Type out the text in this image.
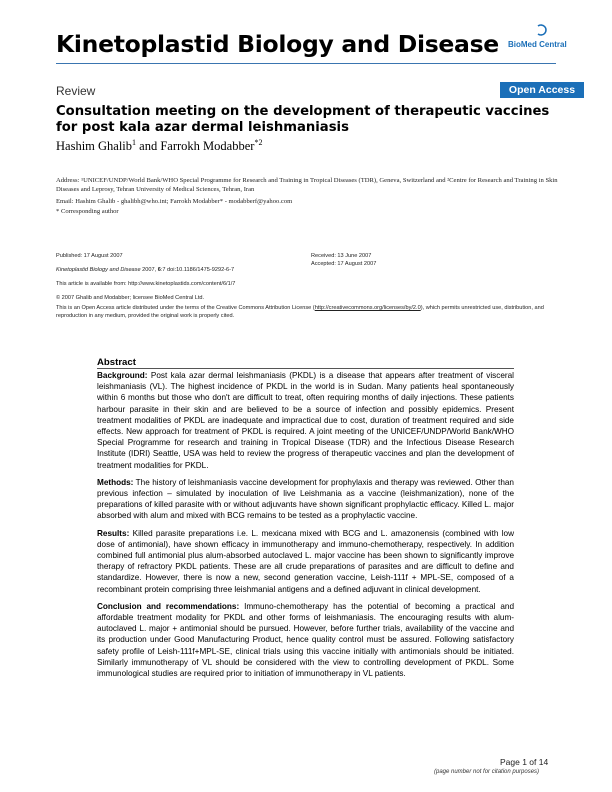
Kinetoplastid Biology and Disease BioMed Central
Review	Open Access
Consultation meeting on the development of therapeutic vaccines for post kala azar dermal leishmaniasis
Hashim Ghalib$^1$ and Farrokh Modabber$^{*2}$
Address: ¹UNICEF/UNDP/World Bank/WHO Special Programme for Research and Training in Tropical Diseases (TDR), Geneva, Switzerland and ²Centre for Research and Training in Skin Diseases and Leprosy, Tehran University of Medical Sciences, Tehran, Iran
Email: Hashim Ghalib - ghalibh@who.int; Farrokh Modabber* - modabberf@yahoo.com
* Corresponding author
Published: 17 August 2007
Kinetoplastid Biology and Disease 2007, 6:7 doi:10.1186/1475-9292-6-7
This article is available from: http://www.kinetoplastids.com/content/6/1/7
Received: 13 June 2007
Accepted: 17 August 2007
© 2007 Ghalib and Modabber; licensee BioMed Central Ltd.
This is an Open Access article distributed under the terms of the Creative Commons Attribution License (http://creativecommons.org/licenses/by/2.0), which permits unrestricted use, distribution, and reproduction in any medium, provided the original work is properly cited.
Abstract

Background: Post kala azar dermal leishmaniasis (PKDL) is a disease that appears after treatment of visceral leishmaniasis (VL). The highest incidence of PKDL in the world is in Sudan. Many patients heal spontaneously within 6 months but those who don't are difficult to treat, often requiring months of daily injections. These patients harbour parasite in their skin and are believed to be a source of infection and possibly epidemics. Present treatment modalities of PKDL are inadequate and impractical due to cost, duration of treatment required and side effects. New approach for treatment of PKDL is required. A joint meeting of the UNICEF/UNDP/World Bank/WHO Special Programme for research and training in Tropical Disease (TDR) and the Infectious Disease Research Institute (IDRI) Seattle, USA was held to review the progress of therapeutic vaccines and plan the development of treatment modalities for PKDL.

Methods: The history of leishmaniasis vaccine development for prophylaxis and therapy was reviewed. Other than previous infection – simulated by inoculation of live Leishmania as a vaccine (leishmanization), none of the preparations of killed parasite with or without adjuvants have shown significant prophylactic efficacy. Killed L. major absorbed with alum and mixed with BCG remains to be tested as a prophylactic vaccine.

Results: Killed parasite preparations i.e. L. mexicana mixed with BCG and L. amazonensis (combined with low dose of antimonial), have shown efficacy in immunotherapy and immuno-chemotherapy, respectively. In addition combined full antimonial plus alum-absorbed autoclaved L. major vaccine has been shown to significantly improve therapy of refractory PKDL patients. These are all crude preparations of parasites and are difficult to define and standardize. However, there is now a new, second generation vaccine, Leish-111f + MPL-SE, composed of a recombinant protein comprising three leishmanial antigens and a defined adjuvant in clinical development.

Conclusion and recommendations: Immuno-chemotherapy has the potential of becoming a practical and affordable treatment modality for PKDL and other forms of leishmaniasis. The encouraging results with alum-autoclaved L. major + antimonial should be pursued. However, before further trials, availability of the vaccine and its production under Good Manufacturing Product, hence quality control must be assured. Following satisfactory safety profile of Leish-111f+MPL-SE, clinical trials using this vaccine initially with antimonials should be initiated. Similarly immunotherapy of VL should be considered with the view to controlling development of PKDL. Some immunological studies are required prior to initiation of immunotherapy in VL patients.

Page 1 of 14
(page number not for citation purposes)
